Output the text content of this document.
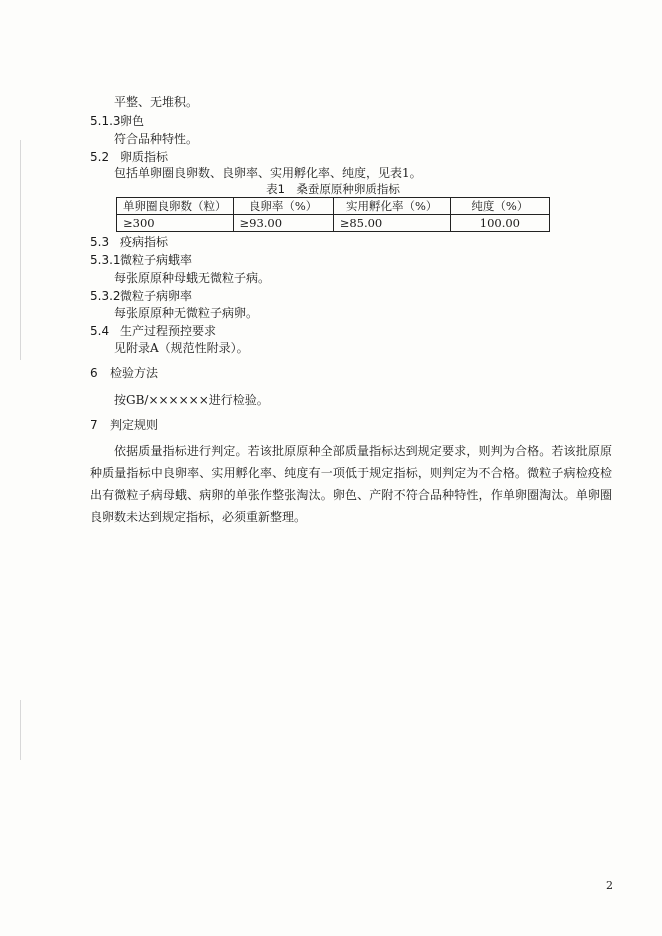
平整、无堆积。
5.1.3卵色
符合品种特性。
5.2 卵质指标
包括单卵圈良卵数、良卵率、实用孵化率、纯度，见表1。
表1　桑蚕原原种卵质指标
单卵圈良卵数（粒）	良卵率（%）	实用孵化率（%）	纯度（%）
≥300	≥93.00	≥85.00	100.00
5.3 疫病指标
5.3.1微粒子病蛾率
每张原原种母蛾无微粒子病。
5.3.2微粒子病卵率
每张原原种无微粒子病卵。
5.4 生产过程预控要求
见附录A（规范性附录）。
6 检验方法
按GB/××××××进行检验。
7 判定规则
依据质量指标进行判定。若该批原原种全部质量指标达到规定要求，则判为合格。若该批原原种质量指标中良卵率、实用孵化率、纯度有一项低于规定指标，则判定为不合格。微粒子病检疫检出有微粒子病母蛾、病卵的单张作整张淘汰。卵色、产附不符合品种特性，作单卵圈淘汰。单卵圈良卵数未达到规定指标，必须重新整理。
2
